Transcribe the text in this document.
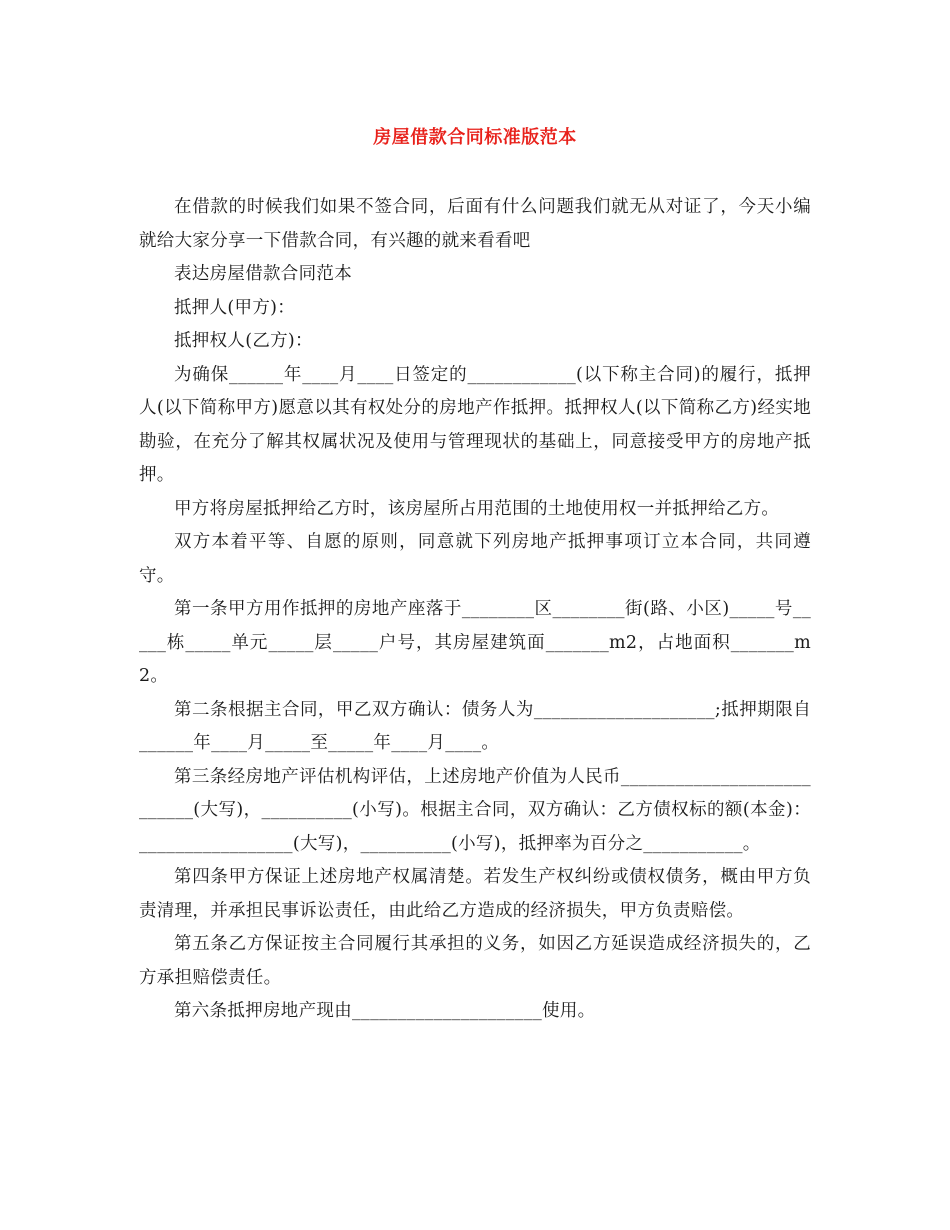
房屋借款合同标准版范本

在借款的时候我们如果不签合同，后面有什么问题我们就无从对证了，今天小编就给大家分享一下借款合同，有兴趣的就来看看吧

表达房屋借款合同范本

抵押人(甲方)：

抵押权人(乙方)：

为确保______年____月____日签定的____________(以下称主合同)的履行，抵押人(以下简称甲方)愿意以其有权处分的房地产作抵押。抵押权人(以下简称乙方)经实地勘验，在充分了解其权属状况及使用与管理现状的基础上，同意接受甲方的房地产抵押。

甲方将房屋抵押给乙方时，该房屋所占用范围的土地使用权一并抵押给乙方。

双方本着平等、自愿的原则，同意就下列房地产抵押事项订立本合同，共同遵守。

第一条甲方用作抵押的房地产座落于________区________街(路、小区)_____号_____栋_____单元_____层_____户号，其房屋建筑面_______m2，占地面积_______m2。

第二条根据主合同，甲乙双方确认：债务人为____________________;抵押期限自______年____月_____至_____年____月____。

第三条经房地产评估机构评估，上述房地产价值为人民币___________________________(大写)，__________(小写)。根据主合同，双方确认：乙方债权标的额(本金)：_________________(大写)，__________(小写)，抵押率为百分之___________。

第四条甲方保证上述房地产权属清楚。若发生产权纠纷或债权债务，概由甲方负责清理，并承担民事诉讼责任，由此给乙方造成的经济损失，甲方负责赔偿。

第五条乙方保证按主合同履行其承担的义务，如因乙方延误造成经济损失的，乙方承担赔偿责任。

第六条抵押房地产现由_____________________使用。
